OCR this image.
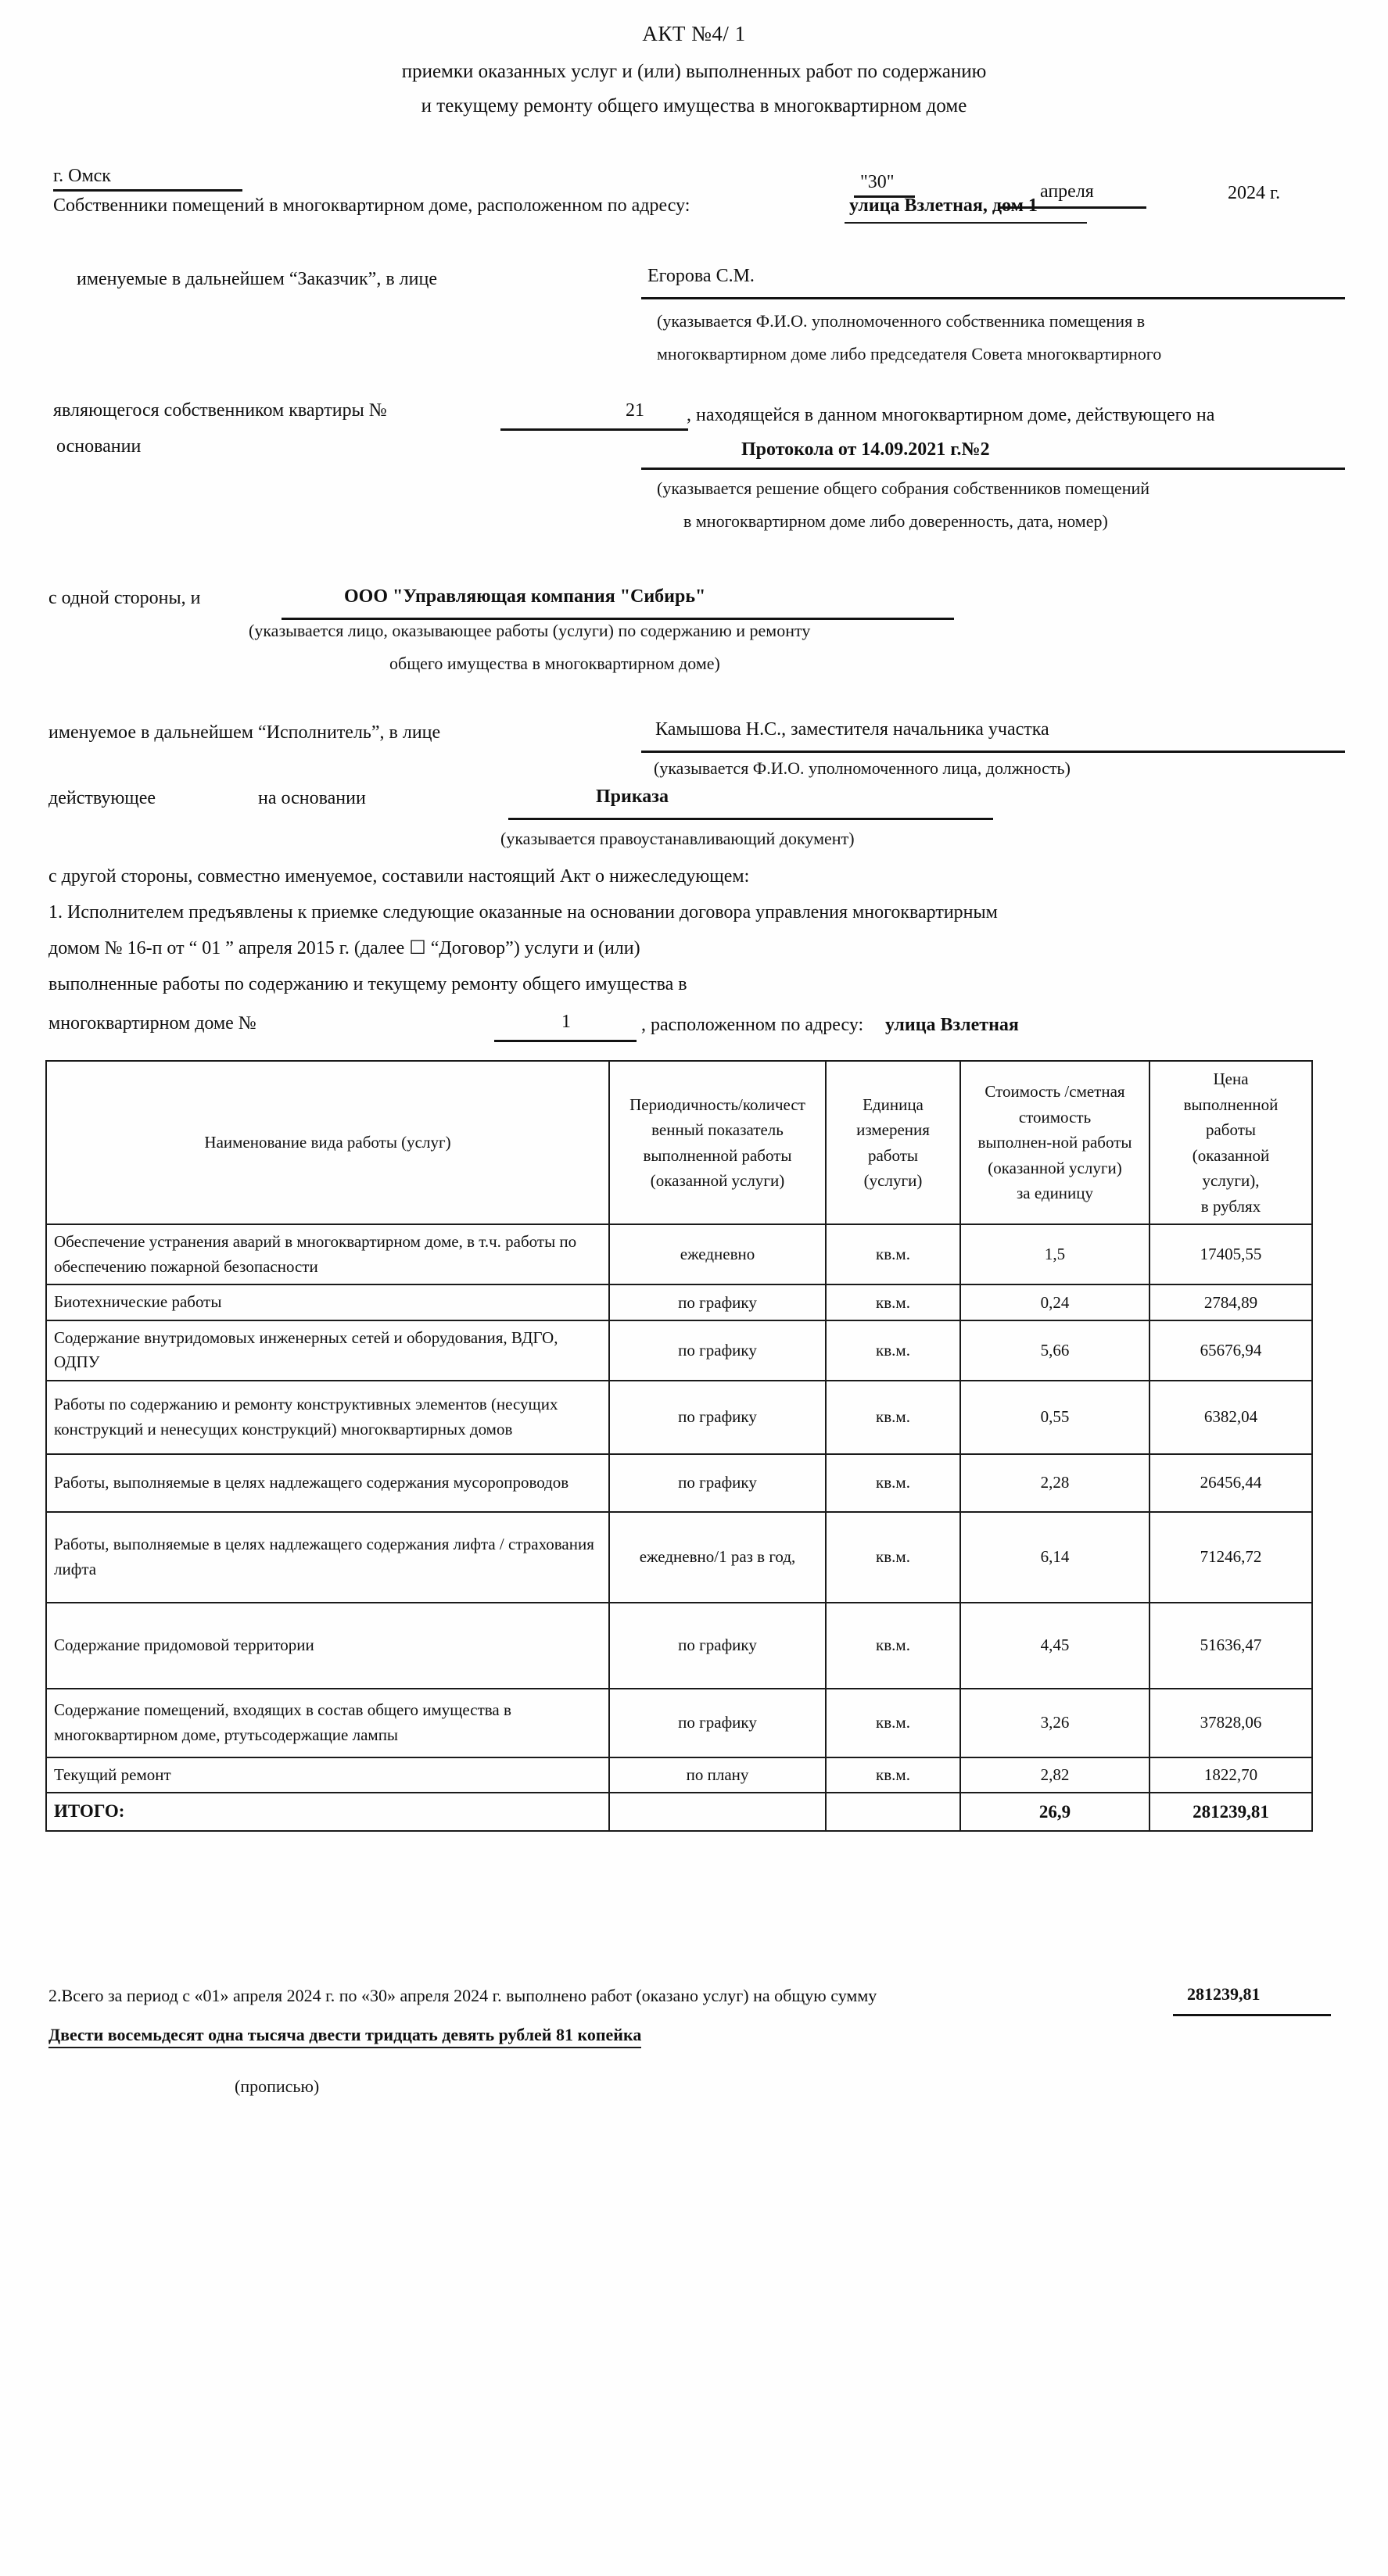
АКТ №4/ 1
приемки оказанных услуг и (или) выполненных работ по содержанию
и текущему ремонту общего имущества в многоквартирном доме
г. Омск	"30"	апреля	2024 г.
Собственники помещений в многоквартирном доме, расположенном по адресу:	улица Взлетная, дом 1
именуемые в дальнейшем “Заказчик”, в лице	Егорова С.М.
(указывается Ф.И.О. уполномоченного собственника помещения в
многоквартирном доме либо председателя Совета многоквартирного
являющегося собственником квартиры №	21 , находящейся в данном многоквартирном доме, действующего на
основании	Протокола от 14.09.2021 г.№2
(указывается решение общего собрания собственников помещений
в многоквартирном доме либо доверенность, дата, номер)
с одной стороны, и	ООО "Управляющая компания "Сибирь"
(указывается лицо, оказывающее работы (услуги) по содержанию и ремонту
общего имущества в многоквартирном доме)
именуемое в дальнейшем “Исполнитель”, в лице	Камышова Н.С., заместителя начальника участка
(указывается Ф.И.О. уполномоченного лица, должность)
действующее	на основании	Приказа
(указывается правоустанавливающий документ)
с другой стороны, совместно именуемое, составили настоящий Акт о нижеследующем:
1. Исполнителем предъявлены к приемке следующие оказанные на основании договора управления многоквартирным
домом № 16-п от “ 01 ” апреля 2015 г. (далее ☐ “Договор”) услуги и (или)
выполненные работы по содержанию и текущему ремонту общего имущества в
многоквартирном доме №	1	, расположенном по адресу: улица Взлетная
Наименование вида работы (услуг)

Периодичность/количест
венный показатель
выполненной работы
(оказанной услуги)

Единица
измерения
работы
(услуги)

Стоимость /сметная
стоимость
выполнен-ной работы
(оказанной услуги)
за единицу

Цена
выполненной
работы
(оказанной
услуги),
в рублях

Обеспечение устранения аварий в многоквартирном доме, в т.ч. работы по обеспечению пожарной безопасности	ежедневно	кв.м.	1,5	17405,55
Биотехнические работы	по графику	кв.м.	0,24	2784,89
Содержание внутридомовых инженерных сетей и оборудования, ВДГО, ОДПУ	по графику	кв.м.	5,66	65676,94
Работы по содержанию и ремонту конструктивных элементов (несущих конструкций и ненесущих конструкций) многоквартирных домов	по графику	кв.м.	0,55	6382,04
Работы, выполняемые в целях надлежащего содержания мусоропроводов	по графику	кв.м.	2,28	26456,44
Работы, выполняемые в целях надлежащего содержания лифта / страхования лифта	ежедневно/1 раз в год,	кв.м.	6,14	71246,72
Содержание придомовой территории	по графику	кв.м.	4,45	51636,47
Содержание помещений, входящих в состав общего имущества в многоквартирном доме, ртутьсодержащие лампы	по графику	кв.м.	3,26	37828,06
Текущий ремонт	по плану	кв.м.	2,82	1822,70
ИТОГО:			26,9	281239,81
2.Всего за период с «01» апреля 2024 г. по «30» апреля 2024 г. выполнено работ (оказано услуг) на общую сумму	281239,81
Двести восемьдесят одна тысяча двести тридцать девять рублей 81 копейка
(прописью)
